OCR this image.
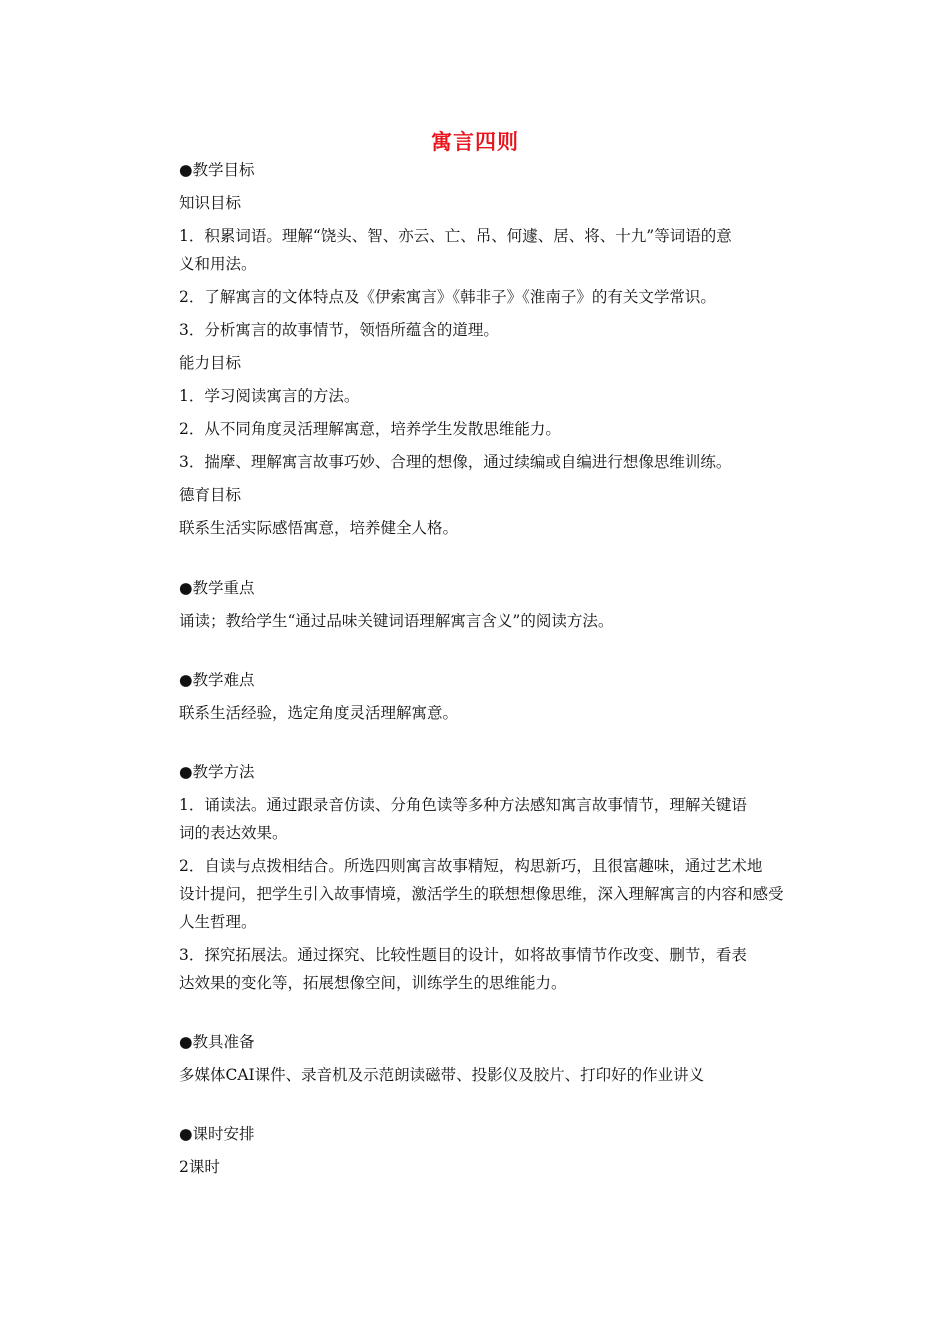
寓言四则
●教学目标
知识目标
1．积累词语。理解“饶头、智、亦云、亡、吊、何遽、居、将、十九”等词语的意
义和用法。
2．了解寓言的文体特点及《伊索寓言》《韩非子》《淮南子》的有关文学常识。
3．分析寓言的故事情节，领悟所蕴含的道理。
能力目标
1．学习阅读寓言的方法。
2．从不同角度灵活理解寓意，培养学生发散思维能力。
3．揣摩、理解寓言故事巧妙、合理的想像，通过续编或自编进行想像思维训练。
德育目标
联系生活实际感悟寓意，培养健全人格。
●教学重点
诵读；教给学生“通过品味关键词语理解寓言含义”的阅读方法。
●教学难点
联系生活经验，选定角度灵活理解寓意。
●教学方法
1．诵读法。通过跟录音仿读、分角色读等多种方法感知寓言故事情节，理解关键语
词的表达效果。
2．自读与点拨相结合。所选四则寓言故事精短，构思新巧，且很富趣味，通过艺术地
设计提问，把学生引入故事情境，激活学生的联想想像思维，深入理解寓言的内容和感受
人生哲理。
3．探究拓展法。通过探究、比较性题目的设计，如将故事情节作改变、删节，看表
达效果的变化等，拓展想像空间，训练学生的思维能力。
●教具准备
多媒体CAI课件、录音机及示范朗读磁带、投影仪及胶片、打印好的作业讲义
●课时安排
2课时
